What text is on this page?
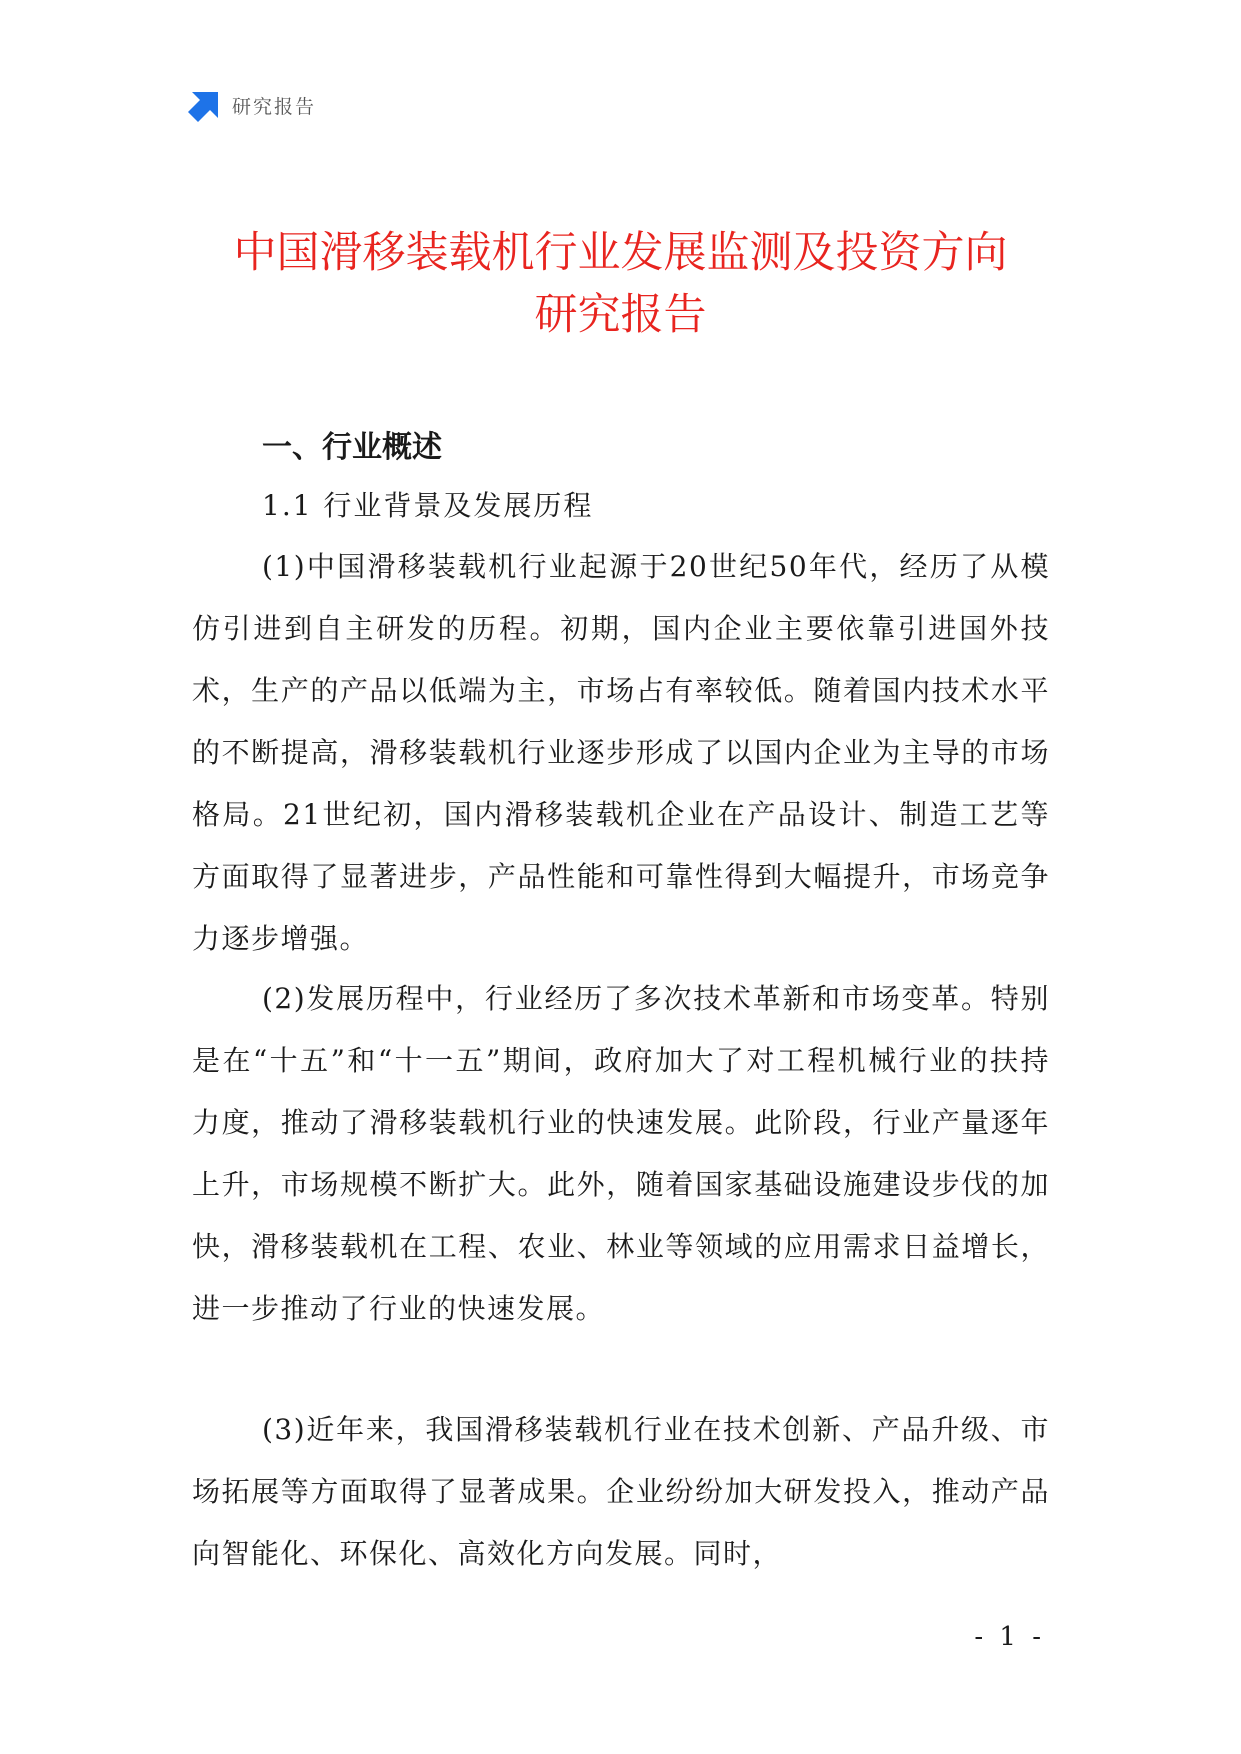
研究报告
中国滑移装载机行业发展监测及投资方向
研究报告
一、行业概述
1.1 行业背景及发展历程

(1)中国滑移装载机行业起源于20世纪50年代，经历了从模仿引进到自主研发的历程。初期，国内企业主要依靠引进国外技术，生产的产品以低端为主，市场占有率较低。随着国内技术水平的不断提高，滑移装载机行业逐步形成了以国内企业为主导的市场格局。21世纪初，国内滑移装载机企业在产品设计、制造工艺等方面取得了显著进步，产品性能和可靠性得到大幅提升，市场竞争力逐步增强。

(2)发展历程中，行业经历了多次技术革新和市场变革。特别是在“十五”和“十一五”期间，政府加大了对工程机械行业的扶持力度，推动了滑移装载机行业的快速发展。此阶段，行业产量逐年上升，市场规模不断扩大。此外，随着国家基础设施建设步伐的加快，滑移装载机在工程、农业、林业等领域的应用需求日益增长，进一步推动了行业的快速发展。

(3)近年来，我国滑移装载机行业在技术创新、产品升级、市场拓展等方面取得了显著成果。企业纷纷加大研发投入，推动产品向智能化、环保化、高效化方向发展。同时，

- 1 -
